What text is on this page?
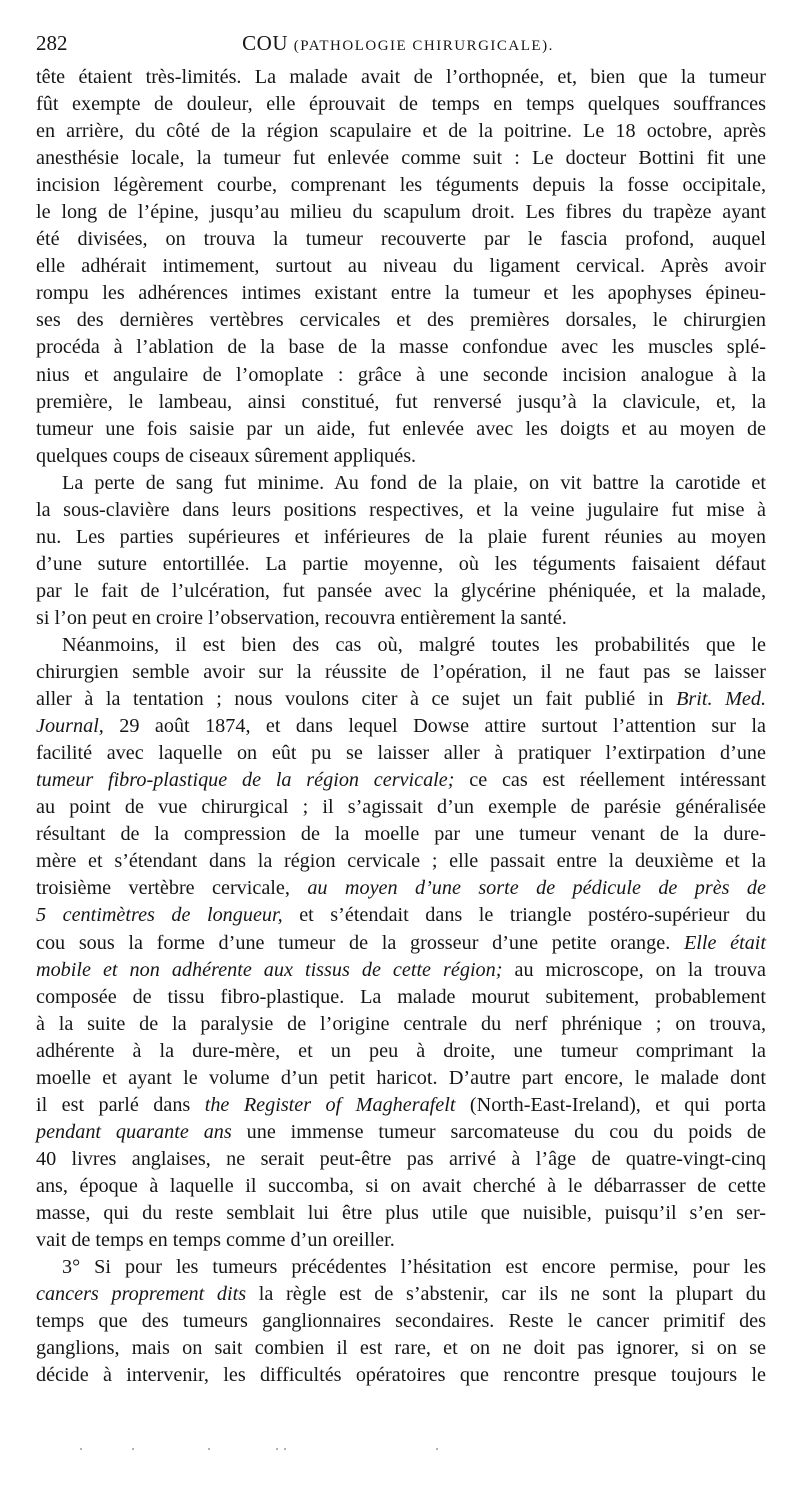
282	COU (PATHOLOGIE CHIRURGICALE).
tête étaient très-limités. La malade avait de l’orthopnée, et, bien que la tumeur
fût exempte de douleur, elle éprouvait de temps en temps quelques souffrances
en arrière, du côté de la région scapulaire et de la poitrine. Le 18 octobre, après
anesthésie locale, la tumeur fut enlevée comme suit : Le docteur Bottini fit une
incision légèrement courbe, comprenant les téguments depuis la fosse occipitale,
le long de l’épine, jusqu’au milieu du scapulum droit. Les fibres du trapèze ayant
été divisées, on trouva la tumeur recouverte par le fascia profond, auquel
elle adhérait intimement, surtout au niveau du ligament cervical. Après avoir
rompu les adhérences intimes existant entre la tumeur et les apophyses épineu-
ses des dernières vertèbres cervicales et des premières dorsales, le chirurgien
procéda à l’ablation de la base de la masse confondue avec les muscles splé-
nius et angulaire de l’omoplate : grâce à une seconde incision analogue à la
première, le lambeau, ainsi constitué, fut renversé jusqu’à la clavicule, et, la
tumeur une fois saisie par un aide, fut enlevée avec les doigts et au moyen de
quelques coups de ciseaux sûrement appliqués.
La perte de sang fut minime. Au fond de la plaie, on vit battre la carotide et
la sous-clavière dans leurs positions respectives, et la veine jugulaire fut mise à
nu. Les parties supérieures et inférieures de la plaie furent réunies au moyen
d’une suture entortillée. La partie moyenne, où les téguments faisaient défaut
par le fait de l’ulcération, fut pansée avec la glycérine phéniquée, et la malade,
si l’on peut en croire l’observation, recouvra entièrement la santé.
Néanmoins, il est bien des cas où, malgré toutes les probabilités que le
chirurgien semble avoir sur la réussite de l’opération, il ne faut pas se laisser
aller à la tentation ; nous voulons citer à ce sujet un fait publié in Brit. Med.
Journal, 29 août 1874, et dans lequel Dowse attire surtout l’attention sur la
facilité avec laquelle on eût pu se laisser aller à pratiquer l’extirpation d’une
tumeur fibro-plastique de la région cervicale; ce cas est réellement intéressant
au point de vue chirurgical ; il s’agissait d’un exemple de parésie généralisée
résultant de la compression de la moelle par une tumeur venant de la dure-
mère et s’étendant dans la région cervicale ; elle passait entre la deuxième et la
troisième vertèbre cervicale, au moyen d’une sorte de pédicule de près de
5 centimètres de longueur, et s’étendait dans le triangle postéro-supérieur du
cou sous la forme d’une tumeur de la grosseur d’une petite orange. Elle était
mobile et non adhérente aux tissus de cette région; au microscope, on la trouva
composée de tissu fibro-plastique. La malade mourut subitement, probablement
à la suite de la paralysie de l’origine centrale du nerf phrénique ; on trouva,
adhérente à la dure-mère, et un peu à droite, une tumeur comprimant la
moelle et ayant le volume d’un petit haricot. D’autre part encore, le malade dont
il est parlé dans the Register of Magherafelt (North-East-Ireland), et qui porta
pendant quarante ans une immense tumeur sarcomateuse du cou du poids de
40 livres anglaises, ne serait peut-être pas arrivé à l’âge de quatre-vingt-cinq
ans, époque à laquelle il succomba, si on avait cherché à le débarrasser de cette
masse, qui du reste semblait lui être plus utile que nuisible, puisqu’il s’en ser-
vait de temps en temps comme d’un oreiller.
3° Si pour les tumeurs précédentes l’hésitation est encore permise, pour les
cancers proprement dits la règle est de s’abstenir, car ils ne sont la plupart du
temps que des tumeurs ganglionnaires secondaires. Reste le cancer primitif des
ganglions, mais on sait combien il est rare, et on ne doit pas ignorer, si on se
décide à intervenir, les difficultés opératoires que rencontre presque toujours le
